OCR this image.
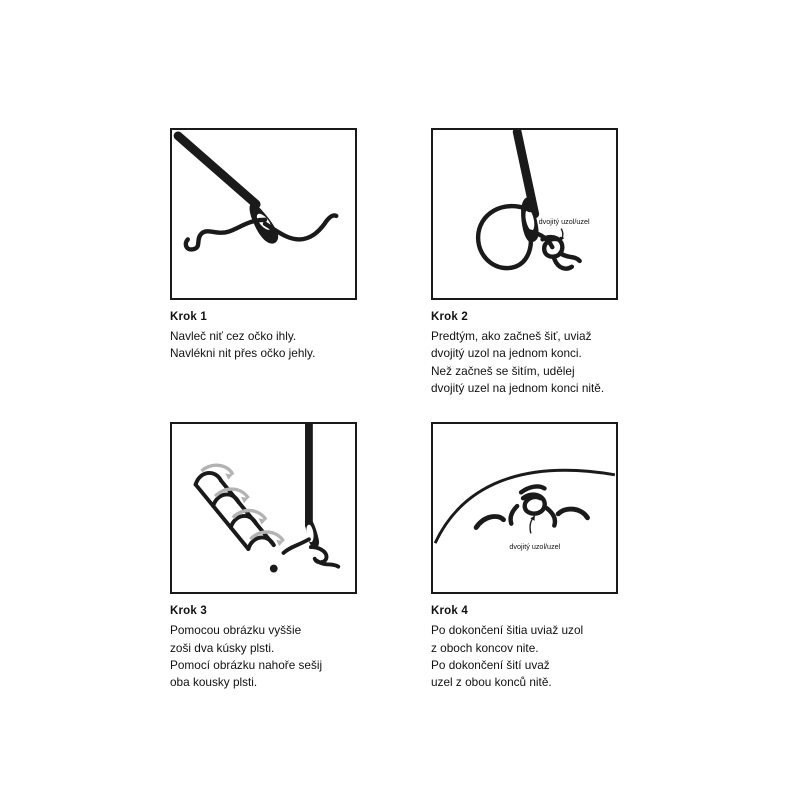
Krok 1
Navleč niť cez očko ihly.
Navlékni nit přes očko jehly.
dvojitý uzol/uzel
Krok 2
Predtým, ako začneš šiť, uviaž
dvojitý uzol na jednom konci.
Než začneš se šitím, udělej
dvojitý uzel na jednom konci nitě.
Krok 3
Pomocou obrázku vyššie
zoši dva kúsky plsti.
Pomocí obrázku nahoře sešij
oba kousky plsti.
dvojitý uzol/uzel
Krok 4
Po dokončení šitia uviaž uzol
z oboch koncov nite.
Po dokončení šití uvaž
uzel z obou konců nitě.
